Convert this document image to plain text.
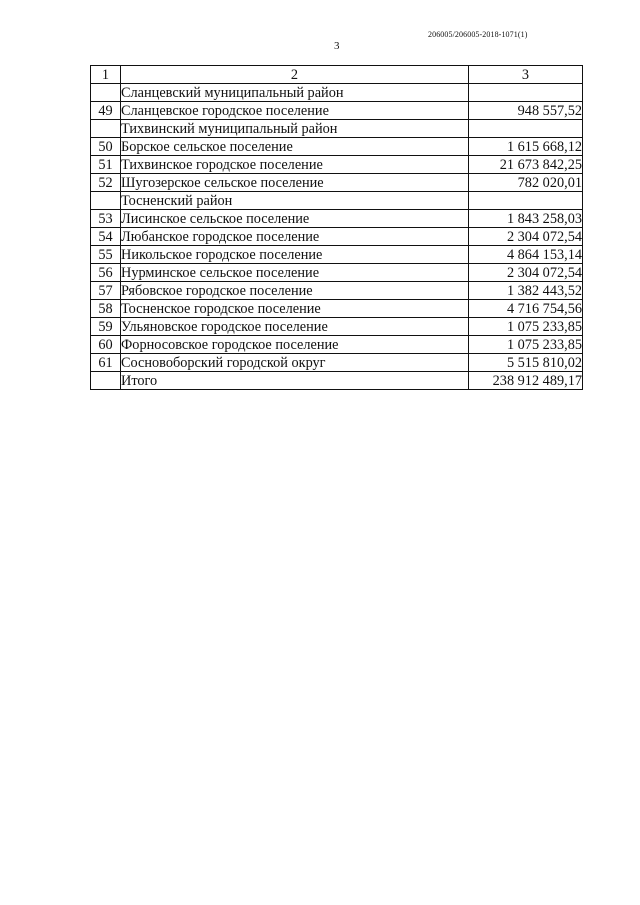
206005/206005-2018-1071(1)
3
1	2	3
	Сланцевский муниципальный район	
49	Сланцевское городское поселение	948 557,52
	Тихвинский муниципальный район	
50	Борское сельское поселение	1 615 668,12
51	Тихвинское городское поселение	21 673 842,25
52	Шугозерское сельское поселение	782 020,01
	Тосненский район	
53	Лисинское сельское поселение	1 843 258,03
54	Любанское городское поселение	2 304 072,54
55	Никольское городское поселение	4 864 153,14
56	Нурминское сельское поселение	2 304 072,54
57	Рябовское городское поселение	1 382 443,52
58	Тосненское городское поселение	4 716 754,56
59	Ульяновское городское поселение	1 075 233,85
60	Форносовское городское поселение	1 075 233,85
61	Сосновоборский городской округ	5 515 810,02
	Итого	238 912 489,17
